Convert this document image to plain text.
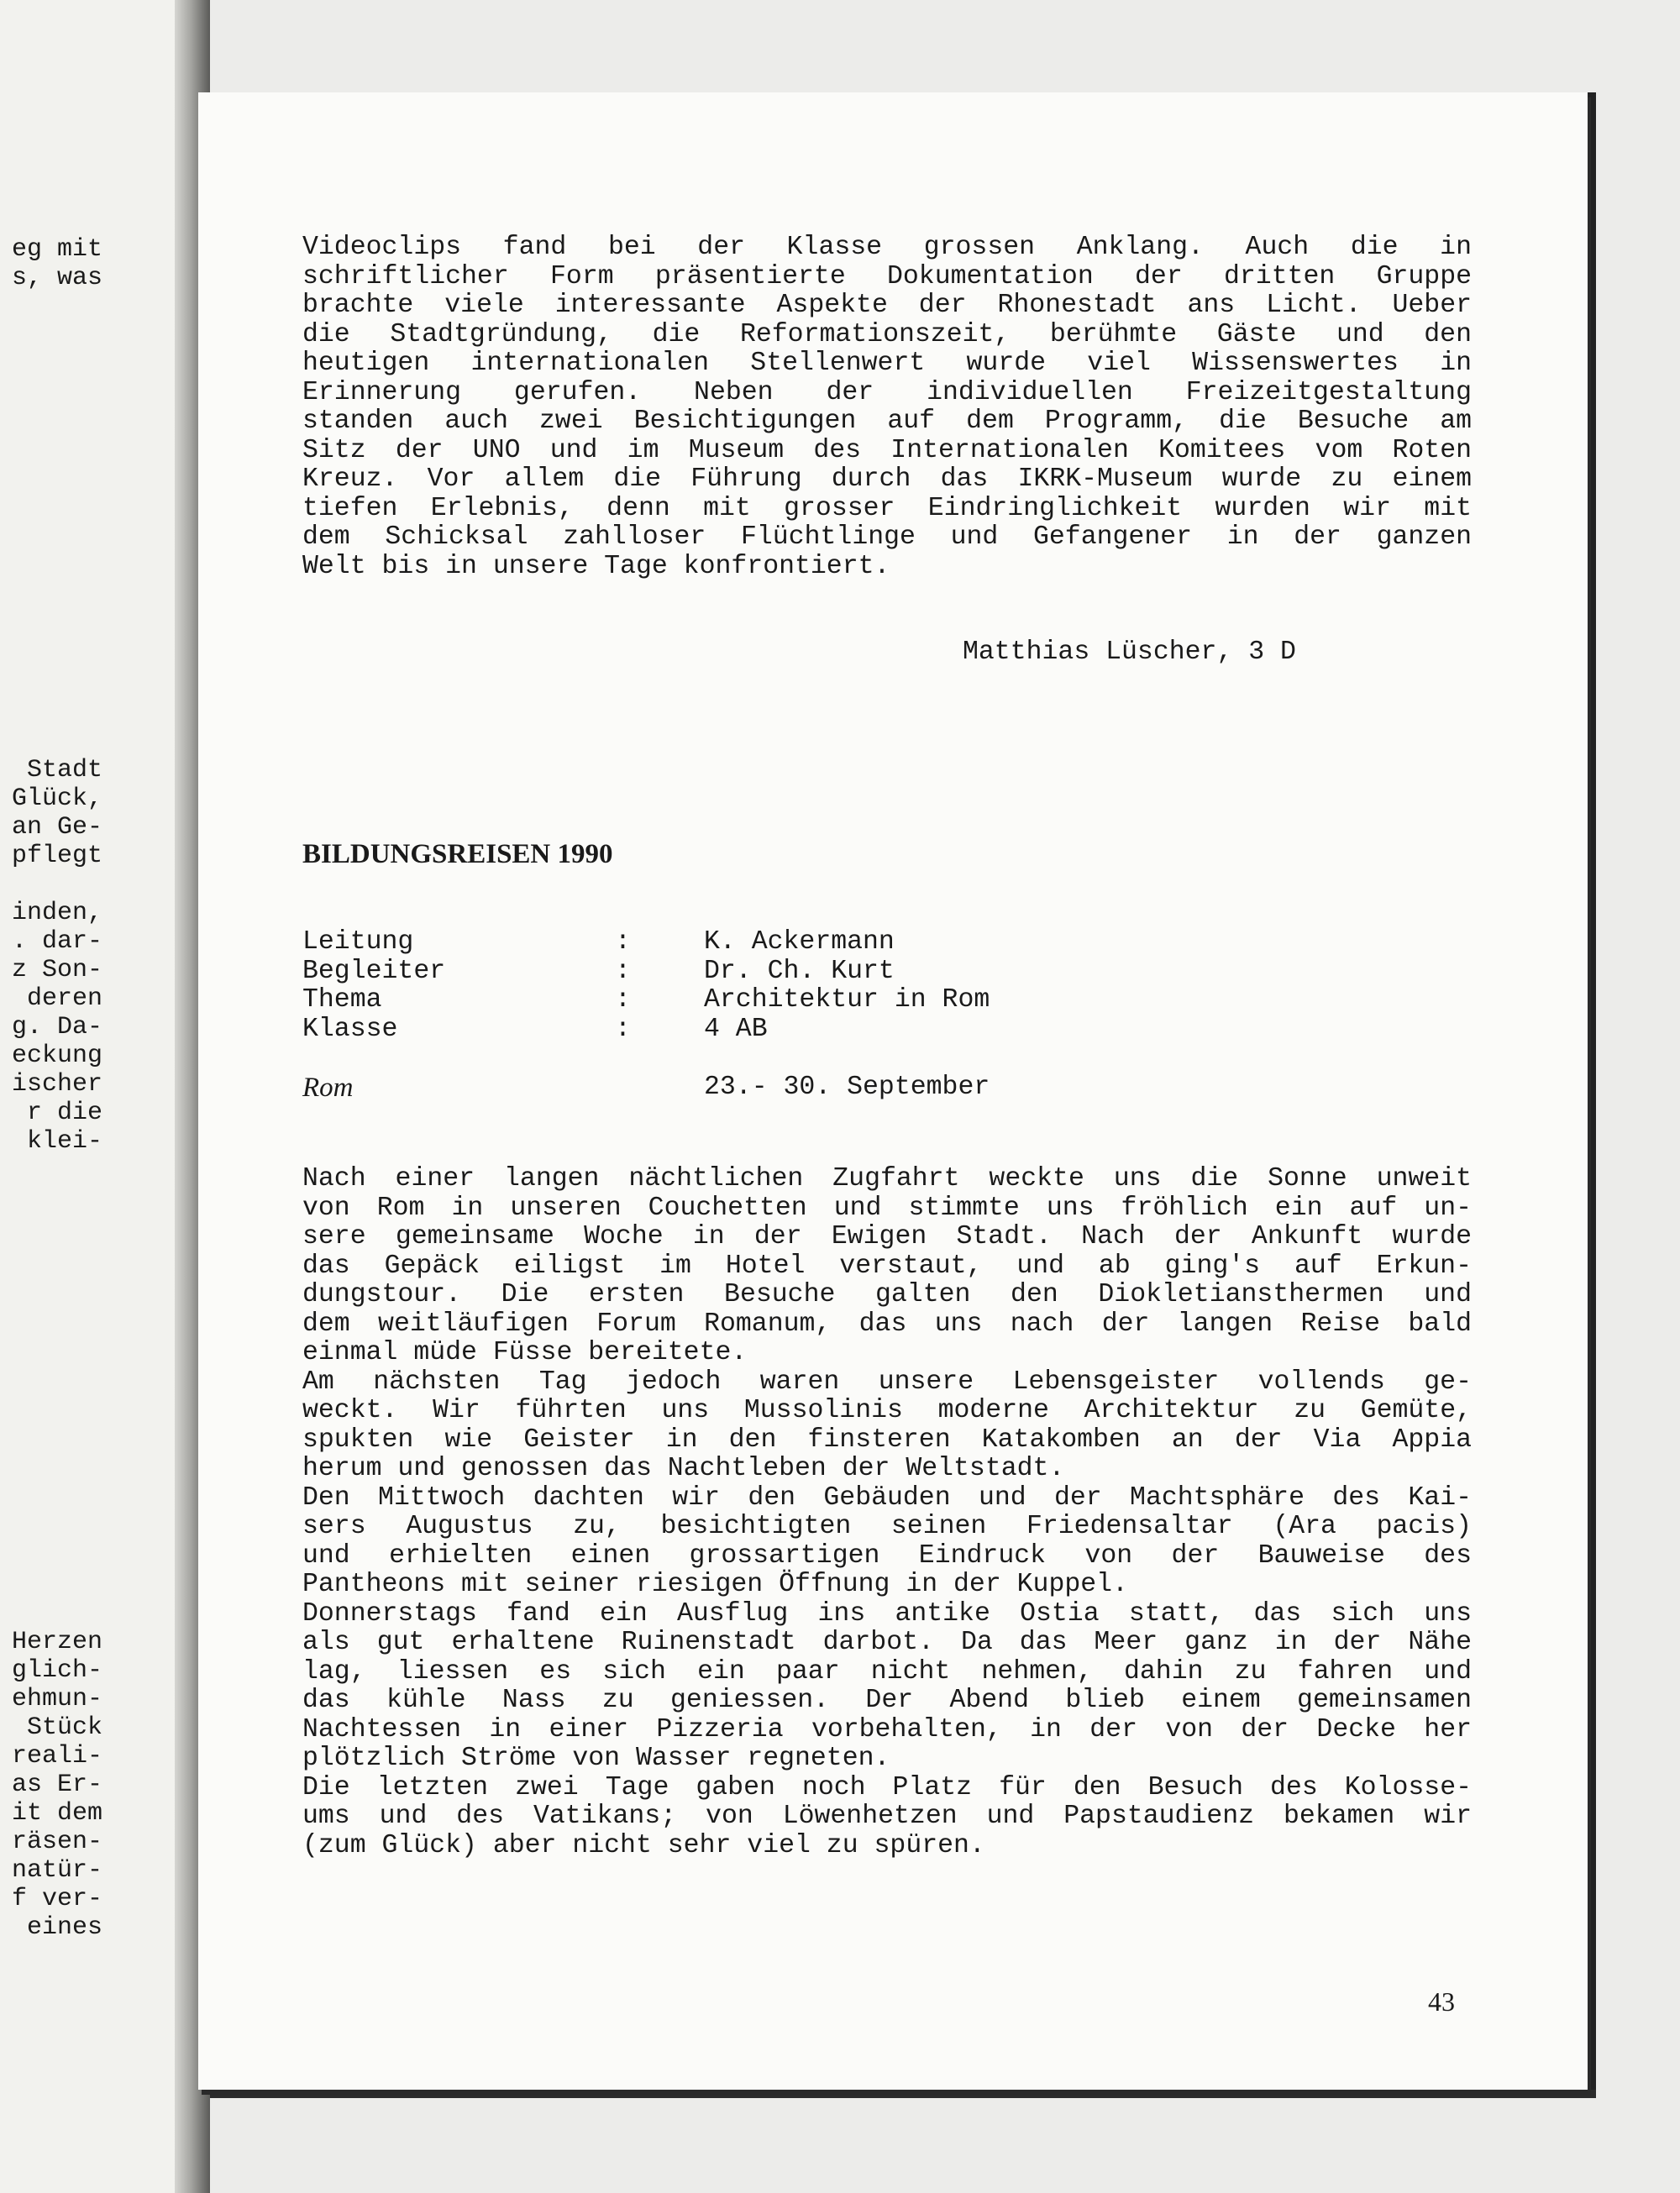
eg mit
s, was
Stadt
Glück,
an Ge-
pflegt
inden,
. dar-
z Son-
deren
g. Da-
eckung
ischer
r die
klei-
Herzen
glich-
ehmun-
Stück
reali-
as Er-
it dem
räsen-
natür-
f ver-
eines
Videoclips fand bei der Klasse grossen Anklang. Auch die in
schriftlicher Form präsentierte Dokumentation der dritten Gruppe
brachte viele interessante Aspekte der Rhonestadt ans Licht. Ueber
die Stadtgründung, die Reformationszeit, berühmte Gäste und den
heutigen internationalen Stellenwert wurde viel Wissenswertes in
Erinnerung gerufen. Neben der individuellen Freizeitgestaltung
standen auch zwei Besichtigungen auf dem Programm, die Besuche am
Sitz der UNO und im Museum des Internationalen Komitees vom Roten
Kreuz. Vor allem die Führung durch das IKRK-Museum wurde zu einem
tiefen Erlebnis, denn mit grosser Eindringlichkeit wurden wir mit
dem Schicksal zahlloser Flüchtlinge und Gefangener in der ganzen
Welt bis in unsere Tage konfrontiert.
Matthias Lüscher, 3 D
BILDUNGSREISEN 1990
Leitung	:	K. Ackermann
Begleiter	:	Dr. Ch. Kurt
Thema	:	Architektur in Rom
Klasse	:	4 AB
Rom	23.- 30. September
Nach einer langen nächtlichen Zugfahrt weckte uns die Sonne unweit
von Rom in unseren Couchetten und stimmte uns fröhlich ein auf un-
sere gemeinsame Woche in der Ewigen Stadt. Nach der Ankunft wurde
das Gepäck eiligst im Hotel verstaut, und ab ging's auf Erkun-
dungstour. Die ersten Besuche galten den Diokletiansthermen und
dem weitläufigen Forum Romanum, das uns nach der langen Reise bald
einmal müde Füsse bereitete.
Am nächsten Tag jedoch waren unsere Lebensgeister vollends ge-
weckt. Wir führten uns Mussolinis moderne Architektur zu Gemüte,
spukten wie Geister in den finsteren Katakomben an der Via Appia
herum und genossen das Nachtleben der Weltstadt.
Den Mittwoch dachten wir den Gebäuden und der Machtsphäre des Kai-
sers Augustus zu, besichtigten seinen Friedensaltar (Ara pacis)
und erhielten einen grossartigen Eindruck von der Bauweise des
Pantheons mit seiner riesigen Öffnung in der Kuppel.
Donnerstags fand ein Ausflug ins antike Ostia statt, das sich uns
als gut erhaltene Ruinenstadt darbot. Da das Meer ganz in der Nähe
lag, liessen es sich ein paar nicht nehmen, dahin zu fahren und
das kühle Nass zu geniessen. Der Abend blieb einem gemeinsamen
Nachtessen in einer Pizzeria vorbehalten, in der von der Decke her
plötzlich Ströme von Wasser regneten.
Die letzten zwei Tage gaben noch Platz für den Besuch des Kolosse-
ums und des Vatikans; von Löwenhetzen und Papstaudienz bekamen wir
(zum Glück) aber nicht sehr viel zu spüren.
43
